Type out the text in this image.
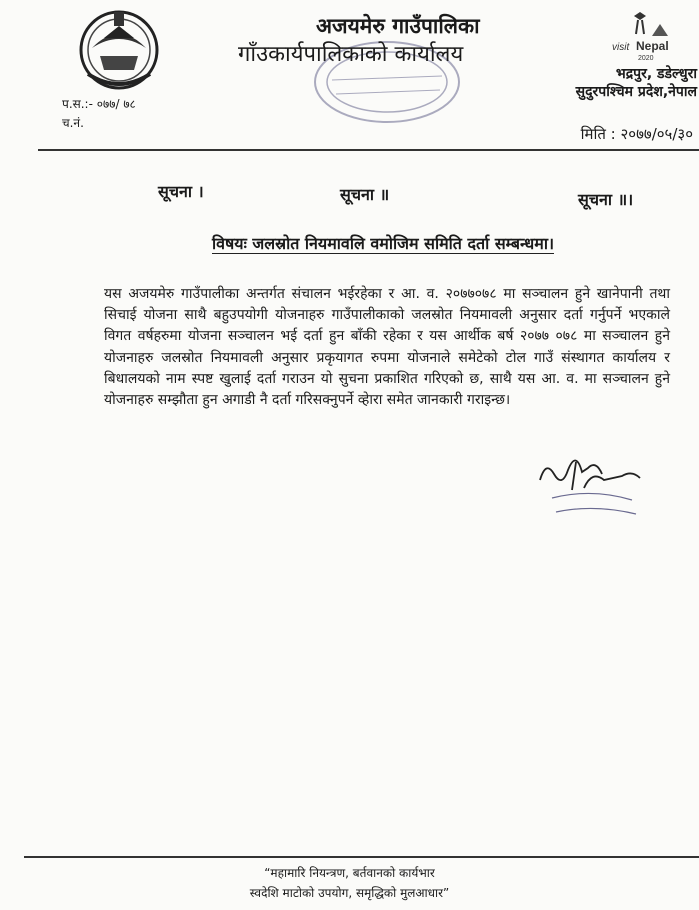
visit Nepal
2020
अजयमेरु गाउँपालिका
गाँउकार्यपालिकाको कार्यालय
भद्रपुर, डडेल्धुरा
सुदुरपश्चिम प्रदेश,नेपाल
प.स.:- ०७७/ ७८
च.नं.
मिति : २०७७/०५/३०
सूचना ।	सूचना ॥	सूचना ॥।
विषयः जलस्रोत नियमावलि वमोजिम समिति दर्ता सम्बन्धमा।
यस अजयमेरु गाउँपालीका अन्तर्गत संचालन भईरहेका र आ. व. २०७७०७८ मा सञ्चालन हुने खानेपानी तथा सिचाई योजना साथै बहुउपयोगी योजनाहरु गाउँपालीकाको जलस्रोत नियमावली अनुसार दर्ता गर्नुपर्ने भएकाले विगत वर्षहरुमा योजना सञ्चालन भई दर्ता हुन बाँकी रहेका र यस आर्थीक बर्ष २०७७ ०७८ मा सञ्चालन हुने योजनाहरु जलस्रोत नियमावली अनुसार प्रकृयागत रुपमा योजनाले समेटेको टोल गाउँ संस्थागत कार्यालय र बिधालयको नाम स्पष्ट खुलाई दर्ता गराउन यो सुचना प्रकाशित गरिएको छ, साथै यस आ. व. मा सञ्चालन हुने योजनाहरु सम्झौता हुन अगाडी नै दर्ता गरिसक्नुपर्ने व्हेारा समेत जानकारी गराइन्छ।
“महामारि नियन्त्रण, बर्तवानको कार्यभार
स्वदेशि माटोको उपयोग, समृद्धिको मुलआधार”
